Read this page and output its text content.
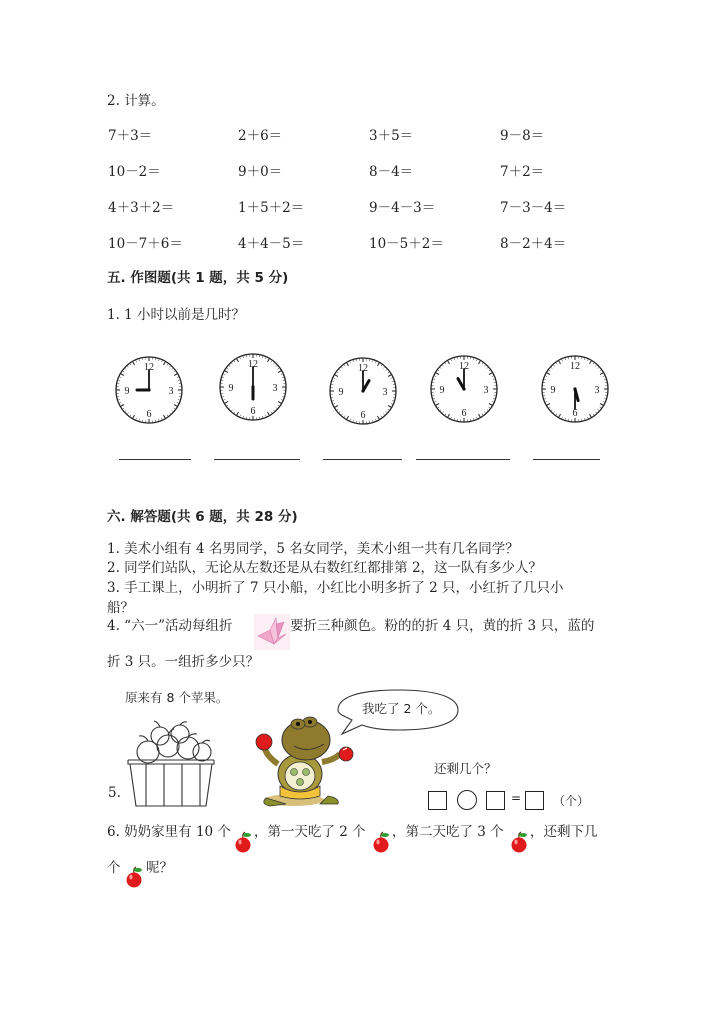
2. 计算。
7＋3＝	2＋6＝	3＋5＝	9－8＝
10－2＝	9＋0＝	8－4＝	7＋2＝
4＋3＋2＝	1＋5＋2＝	9－4－3＝	7－3－4＝
10－7＋6＝	4＋4－5＝	10－5＋2＝	8－2＋4＝
五. 作图题(共 1 题，共 5 分)
1. 1 小时以前是几时？
12
3
6
9
12
3
6
9
12
3
6
9
12
3
6
9
12
3
6
9
六. 解答题(共 6 题，共 28 分)
1. 美术小组有 4 名男同学，5 名女同学，美术小组一共有几名同学？
2. 同学们站队，无论从左数还是从右数红红都排第 2，这一队有多少人？
3. 手工课上，小明折了 7 只小船，小红比小明多折了 2 只，小红折了几只小
船？
4. “六一”活动每组折	要折三种颜色。粉的的折 4 只，黄的折 3 只，蓝的
折 3 只。一组折多少只？
原来有 8 个苹果。
5.
我吃了 2 个。
还剩几个？
=	（个）
6. 奶奶家里有 10 个 ，第一天吃了 2 个 ，第二天吃了 3 个 ，还剩下几
个 呢？
